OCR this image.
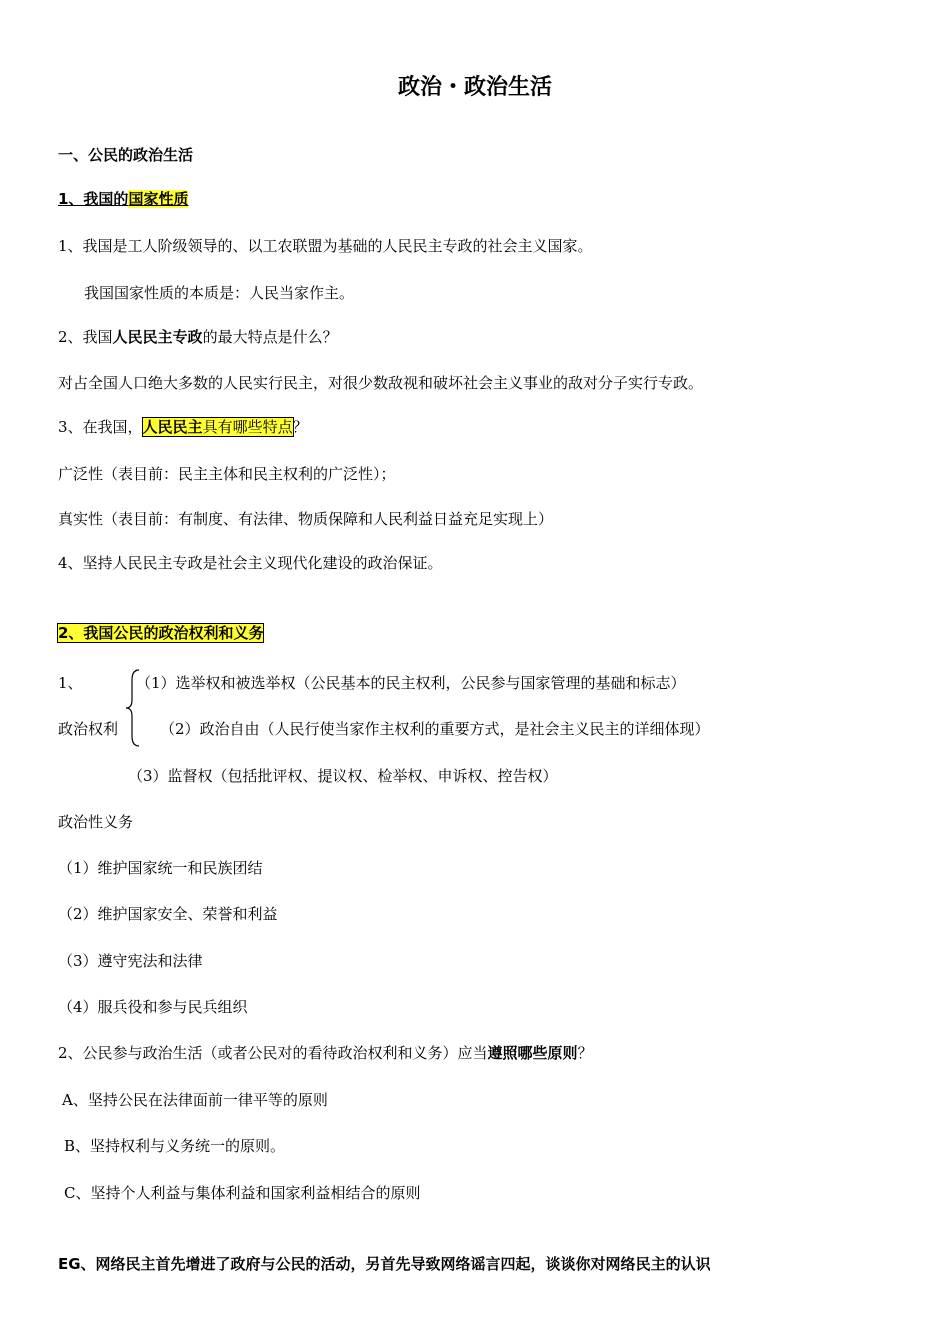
政治・政治生活
一、公民的政治生活
1、我国的国家性质
1、我国是工人阶级领导的、以工农联盟为基础的人民民主专政的社会主义国家。
我国国家性质的本质是：人民当家作主。
2、我国人民民主专政的最大特点是什么？
对占全国人口绝大多数的人民实行民主，对很少数敌视和破坏社会主义事业的敌对分子实行专政。
3、在我国，人民民主具有哪些特点？
广泛性（表目前：民主主体和民主权利的广泛性）；
真实性（表目前：有制度、有法律、物质保障和人民利益日益充足实现上）
4、坚持人民民主专政是社会主义现代化建设的政治保证。
2、我国公民的政治权利和义务
1、	（1）选举权和被选举权（公民基本的民主权利，公民参与国家管理的基础和标志）
政治权利	（2）政治自由（人民行使当家作主权利的重要方式，是社会主义民主的详细体现）
（3）监督权（包括批评权、提议权、检举权、申诉权、控告权）
政治性义务
（1）维护国家统一和民族团结
（2）维护国家安全、荣誉和利益
（3）遵守宪法和法律
（4）服兵役和参与民兵组织
2、公民参与政治生活（或者公民对的看待政治权利和义务）应当遵照哪些原则？
A、坚持公民在法律面前一律平等的原则
B、坚持权利与义务统一的原则。
C、坚持个人利益与集体利益和国家利益相结合的原则
EG、网络民主首先增进了政府与公民的活动，另首先导致网络谣言四起，谈谈你对网络民主的认识
